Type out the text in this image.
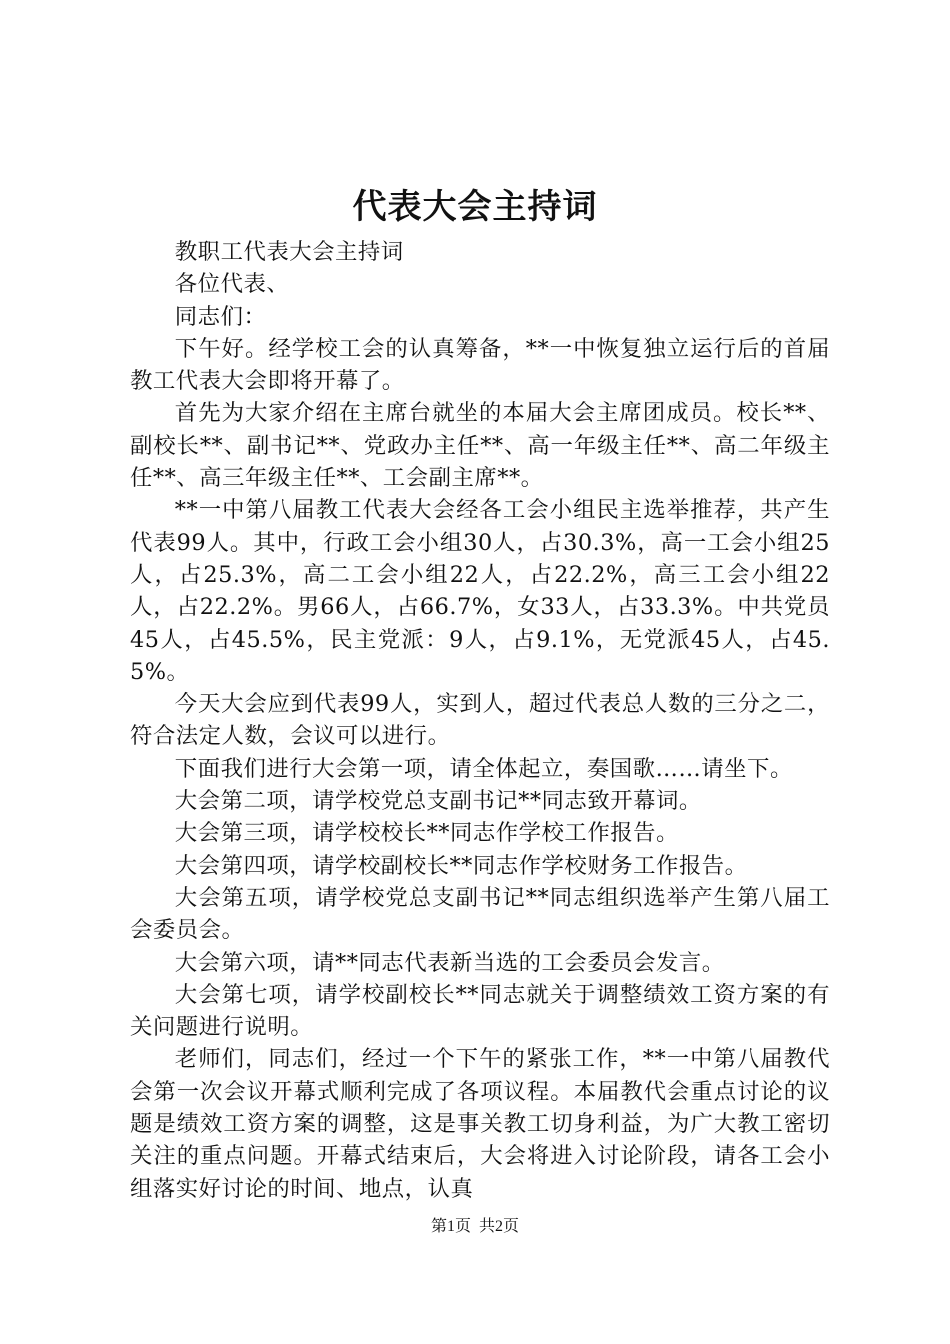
代表大会主持词

教职工代表大会主持词

各位代表、

同志们：

下午好。经学校工会的认真筹备，**一中恢复独立运行后的首届教工代表大会即将开幕了。

首先为大家介绍在主席台就坐的本届大会主席团成员。校长**、副校长**、副书记**、党政办主任**、高一年级主任**、高二年级主任**、高三年级主任**、工会副主席**。

**一中第八届教工代表大会经各工会小组民主选举推荐，共产生代表99人。其中，行政工会小组30人，占30.3%，高一工会小组25人，占25.3%，高二工会小组22人，占22.2%，高三工会小组22人，占22.2%。男66人，占66.7%，女33人，占33.3%。中共党员45人，占45.5%，民主党派：9人，占9.1%，无党派45人，占45.5%。

今天大会应到代表99人，实到人，超过代表总人数的三分之二，符合法定人数，会议可以进行。

下面我们进行大会第一项，请全体起立，奏国歌……请坐下。

大会第二项，请学校党总支副书记**同志致开幕词。

大会第三项，请学校校长**同志作学校工作报告。

大会第四项，请学校副校长**同志作学校财务工作报告。

大会第五项，请学校党总支副书记**同志组织选举产生第八届工会委员会。

大会第六项，请**同志代表新当选的工会委员会发言。

大会第七项，请学校副校长**同志就关于调整绩效工资方案的有关问题进行说明。

老师们，同志们，经过一个下午的紧张工作，**一中第八届教代会第一次会议开幕式顺利完成了各项议程。本届教代会重点讨论的议题是绩效工资方案的调整，这是事关教工切身利益，为广大教工密切关注的重点问题。开幕式结束后，大会将进入讨论阶段，请各工会小组落实好讨论的时间、地点，认真

第1页 共2页
